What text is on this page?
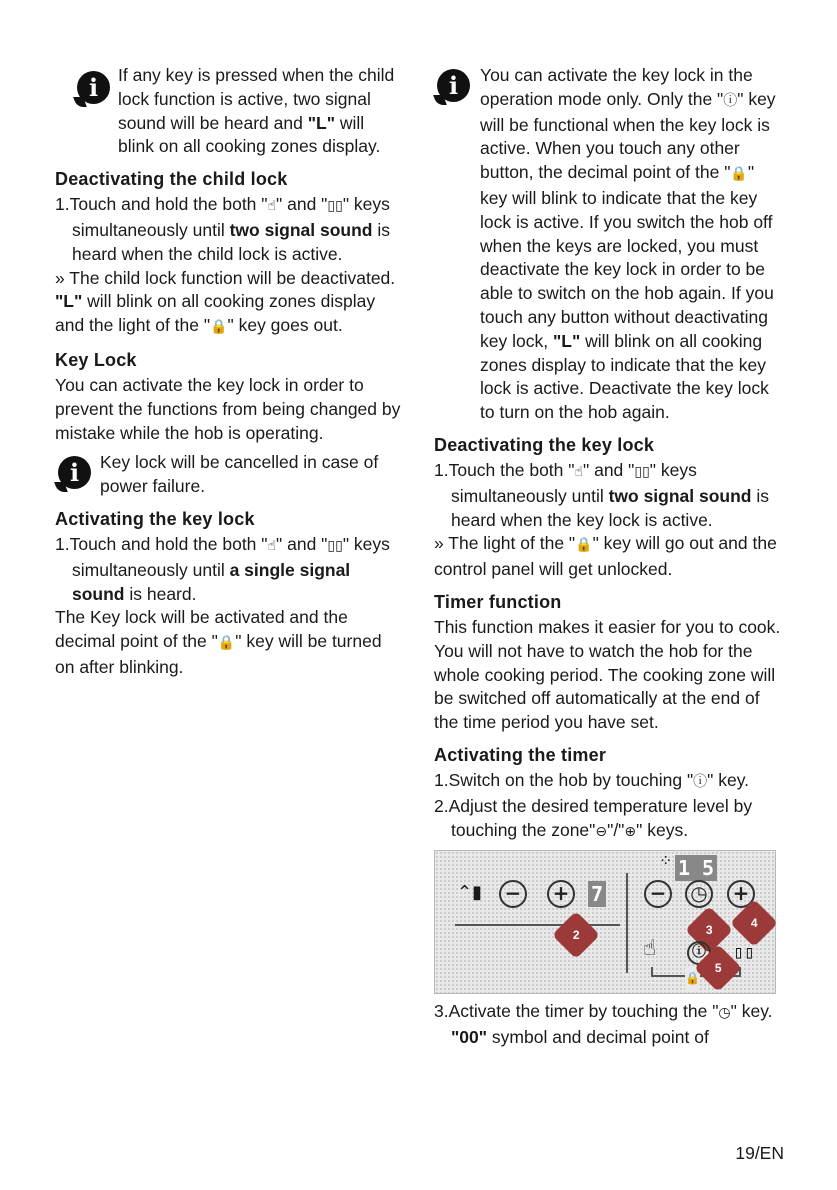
i	If any key is pressed when the child lock function is active, two signal sound will be heard and "L" will blink on all cooking zones display.

Deactivating the child lock

1.Touch and hold the both "☝" and "▯▯" keys simultaneously until two signal sound is heard when the child lock is active.

» The child lock function will be deactivated. "L" will blink on all cooking zones display and the light of the "🔒" key goes out.

Key Lock

You can activate the key lock in order to prevent the functions from being changed by mistake while the hob is operating.

i	Key lock will be cancelled in case of power failure.

Activating the key lock

1.Touch and hold the both "☝" and "▯▯" keys simultaneously until a single signal sound is heard.

The Key lock will be activated and the decimal point of the "🔒" key will be turned on after blinking.

i	You can activate the key lock in the operation mode only. Only the "ⓘ" key will be functional when the key lock is active. When you touch any other button, the decimal point of the "🔒" key will blink to indicate that the key lock is active. If you switch the hob off when the keys are locked, you must deactivate the key lock in order to be able to switch on the hob again. If you touch any button without deactivating key lock, "L" will blink on all cooking zones display to indicate that the key lock is active. Deactivate the key lock to turn on the hob again.

Deactivating the key lock

1.Touch the both "☝" and "▯▯" keys simultaneously until two signal sound is heard when the key lock is active.

» The light of the "🔒" key will go out and the control panel will get unlocked.

Timer function

This function makes it easier for you to cook. You will not have to watch the hob for the whole cooking period. The cooking zone will be switched off automatically at the end of the time period you have set.

Activating the timer

1.Switch on the hob by touching "ⓘ" key.

2.Adjust the desired temperature level by touching the zone"⊖"/"⊕" keys.

⌃▮ − + 7
2
⁘ 1 5
− ◷ +
3	4
☝	ⓘ ▯▯
🔒
5

3.Activate the timer by touching the "◷" key. "00" symbol and decimal point of

19/EN
